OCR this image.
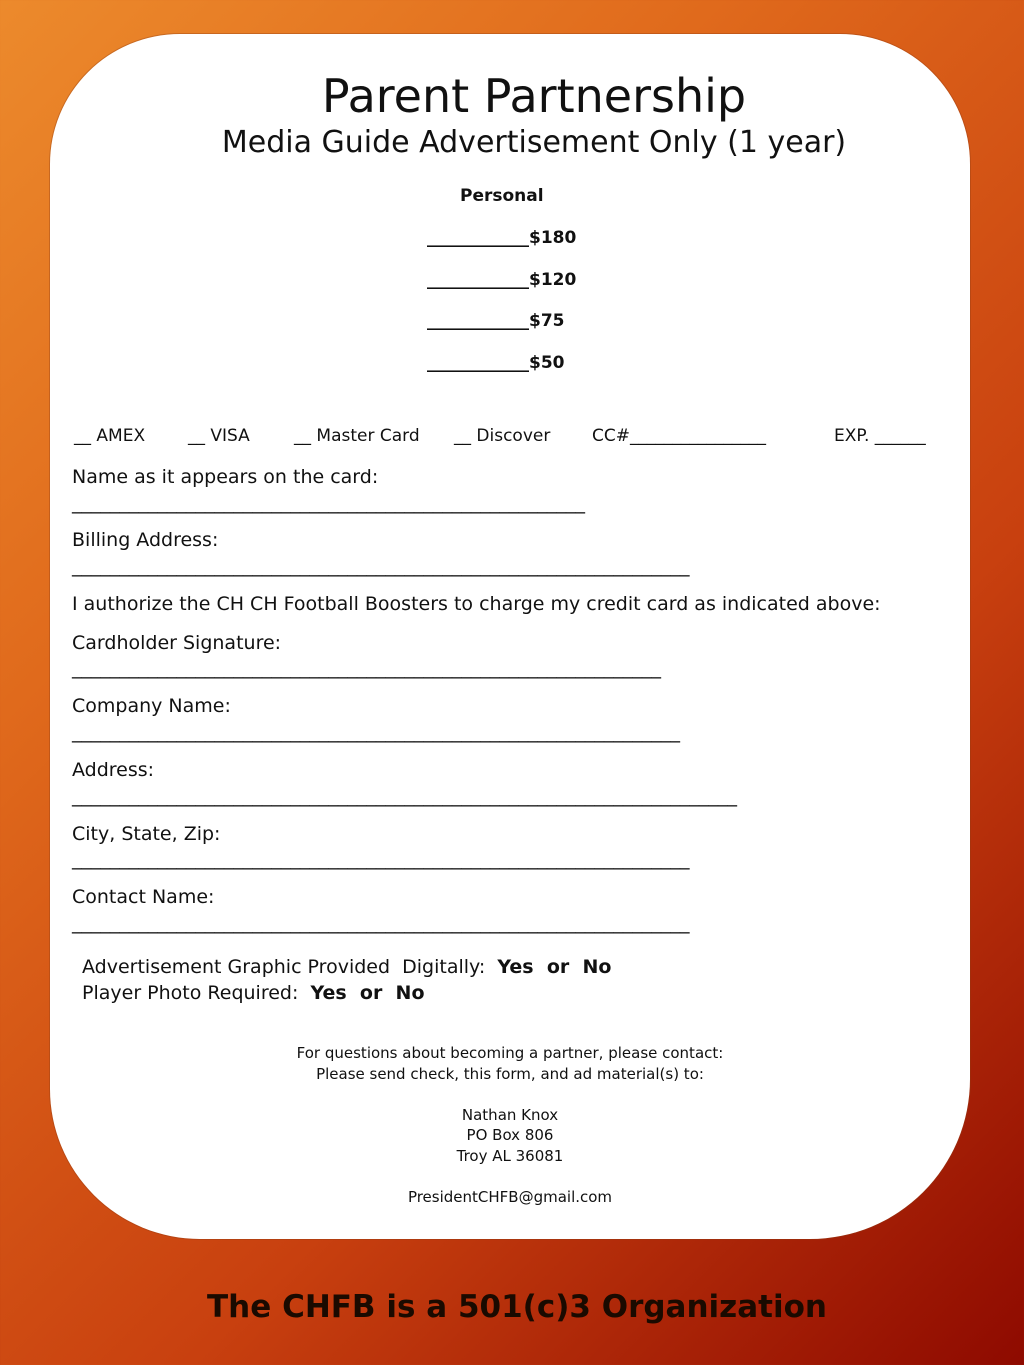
Parent Partnership
Media Guide Advertisement Only (1 year)
Personal
____________$180
____________$120
____________$75
____________$50
__ AMEX	__ VISA	__ Master Card __ Discover CC#________________	EXP. ______
Name as it appears on the card:
______________________________________________________
Billing Address:
_________________________________________________________________
I authorize the CH CH Football Boosters to charge my credit card as indicated above:
Cardholder Signature:
______________________________________________________________
Company Name:
________________________________________________________________
Address:
______________________________________________________________________
City, State, Zip:
_________________________________________________________________
Contact Name:
_________________________________________________________________
Advertisement Graphic Provided  Digitally: Yes  or  No
Player Photo Required: Yes  or  No
For questions about becoming a partner, please contact:
Please send check, this form, and ad material(s) to:
Nathan Knox
PO Box 806
Troy AL 36081
PresidentCHFB@gmail.com
The CHFB is a 501(c)3 Organization
